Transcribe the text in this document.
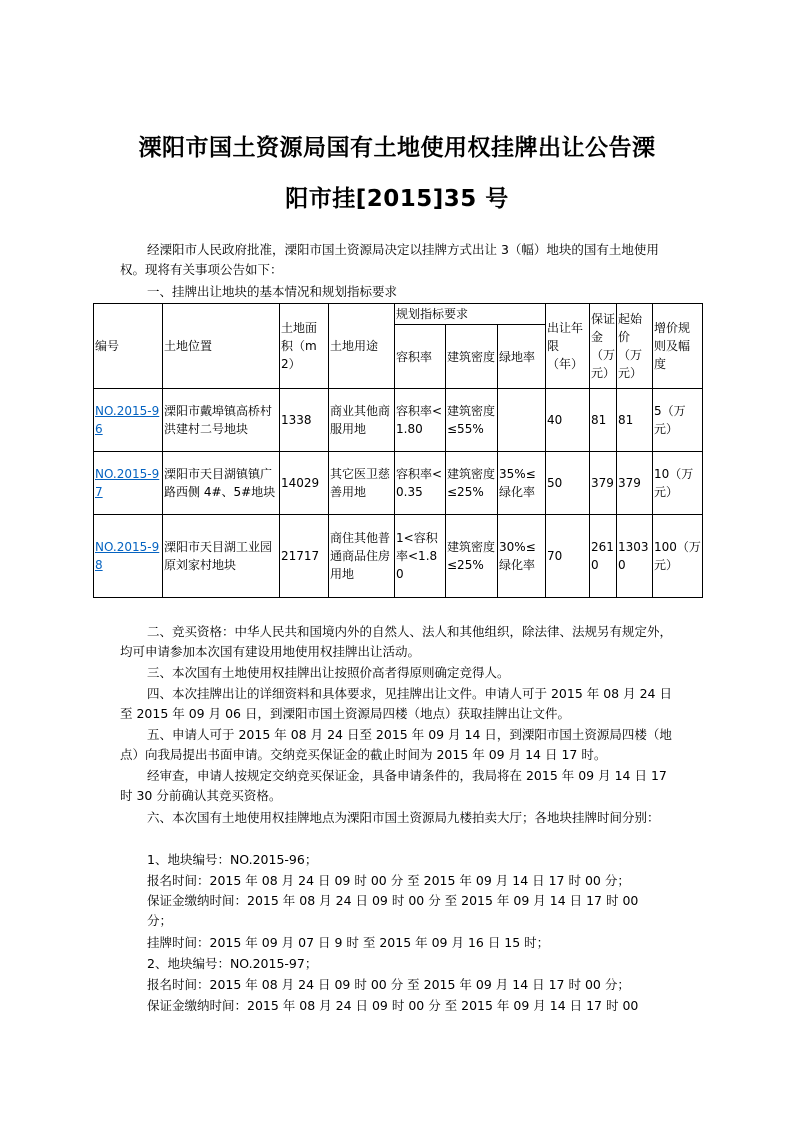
溧阳市国土资源局国有土地使用权挂牌出让公告溧
阳市挂[2015]35 号

经溧阳市人民政府批准，溧阳市国土资源局决定以挂牌方式出让 3（幅）地块的国有土地使用权。现将有关事项公告如下：

一、挂牌出让地块的基本情况和规划指标要求

编号	土地位置	土地面积（m2）	土地用途	规划指标要求			出让年限（年）	保证金（万元）	起始价（万元）	增价规则及幅度
				容积率	建筑密度	绿地率				
NO.2015-96	溧阳市戴埠镇高桥村洪建村二号地块	1338	商业其他商服用地	容积率<1.80	建筑密度≤55%		40	81	81	5（万元）
NO.2015-97	溧阳市天目湖镇镇广路西侧 4#、5#地块	14029	其它医卫慈善用地	容积率<0.35	建筑密度≤25%	35%≤绿化率	50	379	379	10（万元）
NO.2015-98	溧阳市天目湖工业园原刘家村地块	21717	商住其他普通商品住房用地	1<容积率<1.80	建筑密度≤25%	30%≤绿化率	70	2610	13030	100（万元）

二、竞买资格：中华人民共和国境内外的自然人、法人和其他组织，除法律、法规另有规定外，均可申请参加本次国有建设用地使用权挂牌出让活动。

三、本次国有土地使用权挂牌出让按照价高者得原则确定竞得人。

四、本次挂牌出让的详细资料和具体要求，见挂牌出让文件。申请人可于 2015 年 08 月 24 日至 2015 年 09 月 06 日，到溧阳市国土资源局四楼（地点）获取挂牌出让文件。

五、申请人可于 2015 年 08 月 24 日至 2015 年 09 月 14 日，到溧阳市国土资源局四楼（地点）向我局提出书面申请。交纳竞买保证金的截止时间为 2015 年 09 月 14 日 17 时。

经审查，申请人按规定交纳竞买保证金，具备申请条件的，我局将在 2015 年 09 月 14 日 17 时 30 分前确认其竞买资格。

六、本次国有土地使用权挂牌地点为溧阳市国土资源局九楼拍卖大厅；各地块挂牌时间分别：

1、地块编号：NO.2015-96；

报名时间：2015 年 08 月 24 日 09 时 00 分 至 2015 年 09 月 14 日 17 时 00 分；

保证金缴纳时间：2015 年 08 月 24 日 09 时 00 分 至 2015 年 09 月 14 日 17 时 00 分；

挂牌时间：2015 年 09 月 07 日 9 时 至 2015 年 09 月 16 日 15 时；

2、地块编号：NO.2015-97；

报名时间：2015 年 08 月 24 日 09 时 00 分 至 2015 年 09 月 14 日 17 时 00 分；

保证金缴纳时间：2015 年 08 月 24 日 09 时 00 分 至 2015 年 09 月 14 日 17 时 00
